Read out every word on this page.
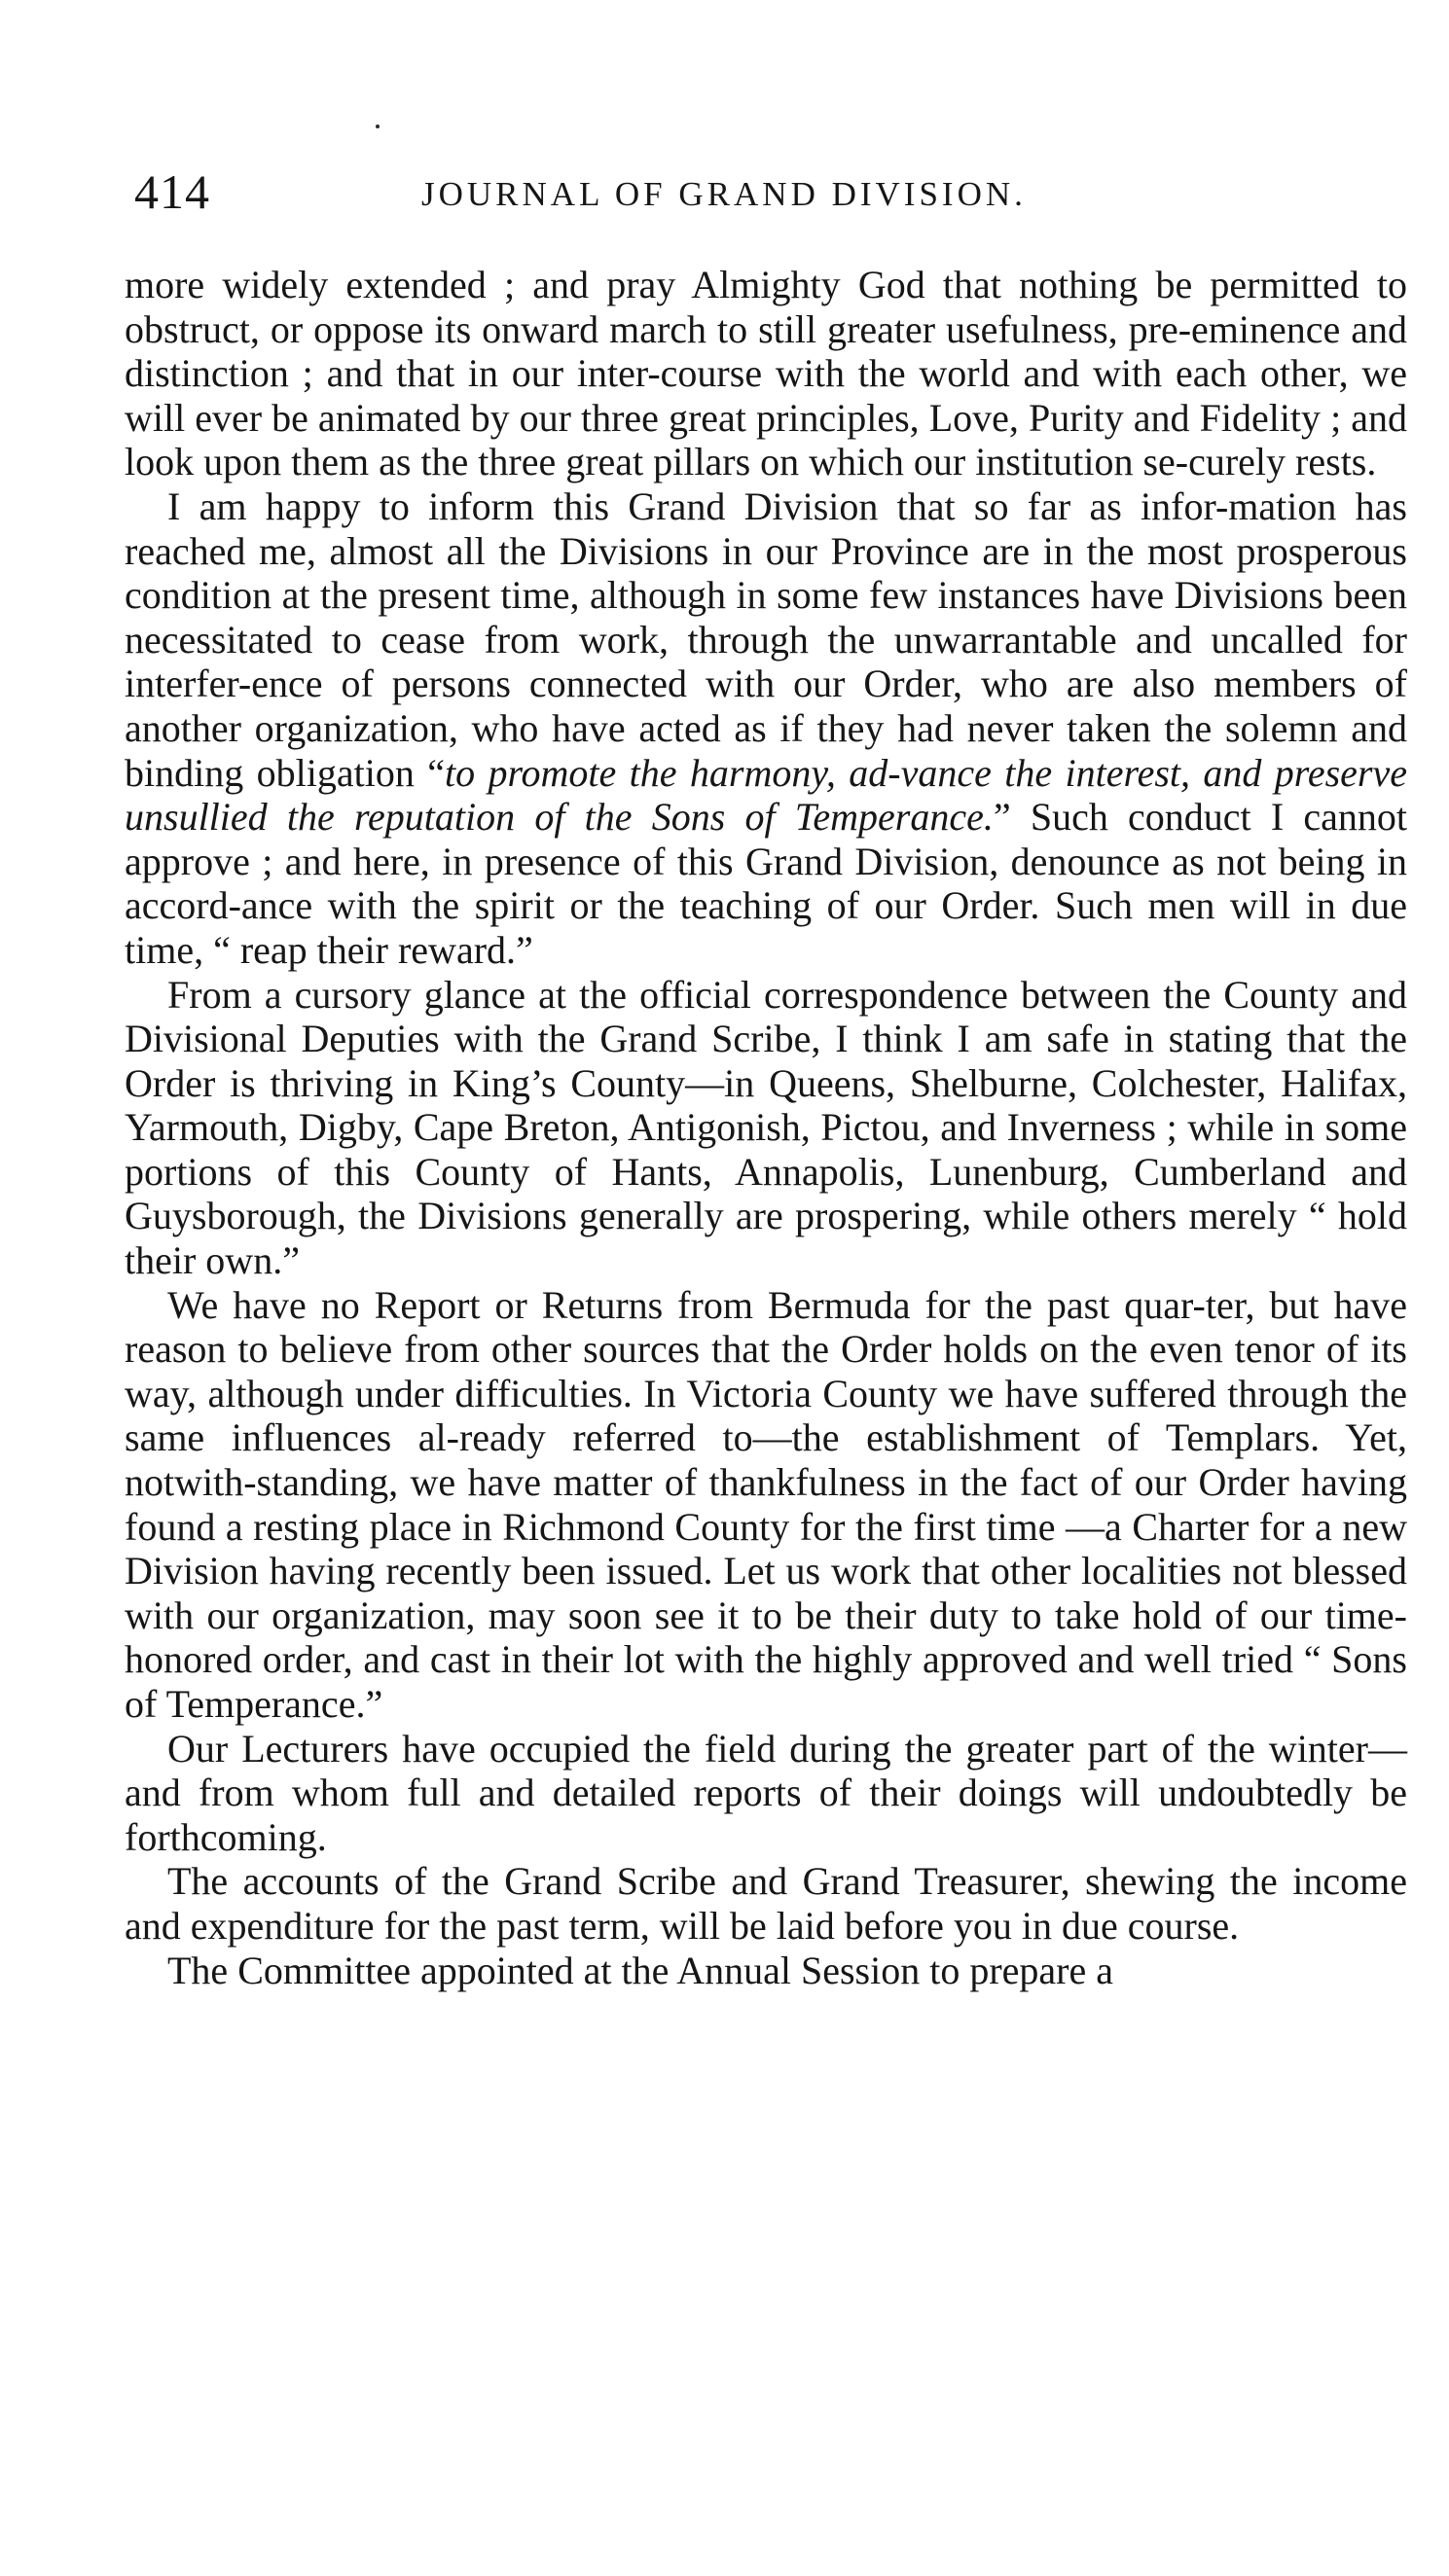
414	JOURNAL OF GRAND DIVISION.

more widely extended ; and pray Almighty God that nothing be permitted to obstruct, or oppose its onward march to still greater usefulness, pre-eminence and distinction ; and that in our inter-course with the world and with each other, we will ever be animated by our three great principles, Love, Purity and Fidelity ; and look upon them as the three great pillars on which our institution se-curely rests.

I am happy to inform this Grand Division that so far as infor-mation has reached me, almost all the Divisions in our Province are in the most prosperous condition at the present time, although in some few instances have Divisions been necessitated to cease from work, through the unwarrantable and uncalled for interfer-ence of persons connected with our Order, who are also members of another organization, who have acted as if they had never taken the solemn and binding obligation “to promote the harmony, ad-vance the interest, and preserve unsullied the reputation of the Sons of Temperance.” Such conduct I cannot approve ; and here, in presence of this Grand Division, denounce as not being in accord-ance with the spirit or the teaching of our Order. Such men will in due time, “ reap their reward.”

From a cursory glance at the official correspondence between the County and Divisional Deputies with the Grand Scribe, I think I am safe in stating that the Order is thriving in King’s County—in Queens, Shelburne, Colchester, Halifax, Yarmouth, Digby, Cape Breton, Antigonish, Pictou, and Inverness ; while in some portions of this County of Hants, Annapolis, Lunenburg, Cumberland and Guysborough, the Divisions generally are prospering, while others merely “ hold their own.”

We have no Report or Returns from Bermuda for the past quar-ter, but have reason to believe from other sources that the Order holds on the even tenor of its way, although under difficulties. In Victoria County we have suffered through the same influences al-ready referred to—the establishment of Templars. Yet, notwith-standing, we have matter of thankfulness in the fact of our Order having found a resting place in Richmond County for the first time —a Charter for a new Division having recently been issued. Let us work that other localities not blessed with our organization, may soon see it to be their duty to take hold of our time-honored order, and cast in their lot with the highly approved and well tried “ Sons of Temperance.”

Our Lecturers have occupied the field during the greater part of the winter—and from whom full and detailed reports of their doings will undoubtedly be forthcoming.

The accounts of the Grand Scribe and Grand Treasurer, shewing the income and expenditure for the past term, will be laid before you in due course.

The Committee appointed at the Annual Session to prepare a
